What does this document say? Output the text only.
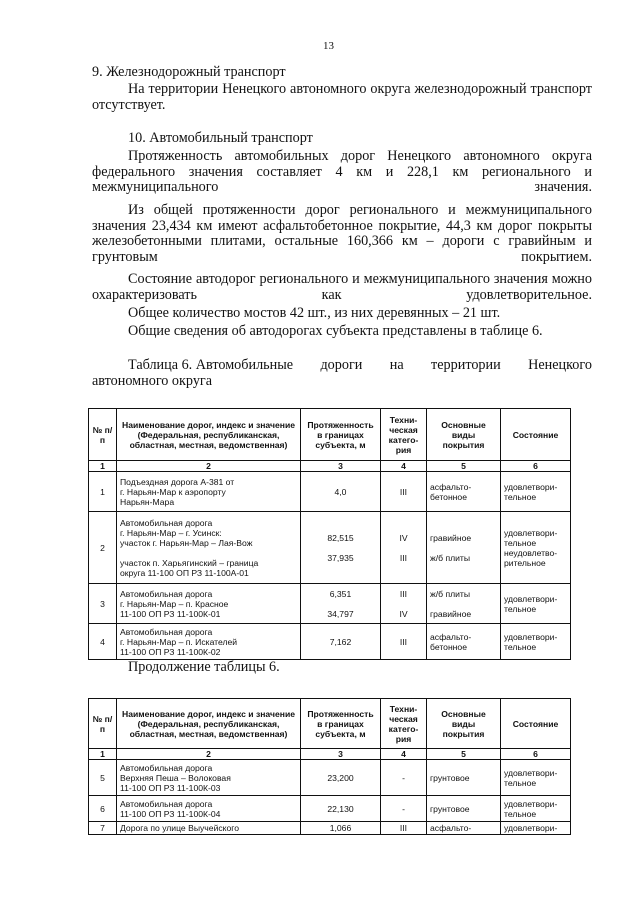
13

9. Железнодорожный транспорт

На территории Ненецкого автономного округа железнодорожный транспорт отсутствует.

10. Автомобильный транспорт

Протяженность автомобильных дорог Ненецкого автономного округа федерального значения составляет 4 км и 228,1 км регионального и межмуниципального значения.

Из общей протяженности дорог регионального и межмуниципального значения 23,434 км имеют асфальтобетонное покрытие, 44,3 км дорог покрыты железобетонными плитами, остальные 160,366 км – дороги с гравийным и грунтовым покрытием.

Состояние автодорог регионального и межмуниципального значения можно охарактеризовать как удовлетворительное.

Общее количество мостов 42 шт., из них деревянных – 21 шт.

Общие сведения об автодорогах субъекта представлены в таблице 6.

Таблица 6. Автомобильные дороги на территории Ненецкого
автономного округа
№ п/п	Наименование дорог, индекс и значение (Федеральная, республиканская, областная, местная, ведомственная)	Протяженность в границах субъекта, м	Техни- ческая катего- рия	Основные виды покрытия	Состояние
1	2	3	4	5	6
1	Подъездная дорога А-381 от
г. Нарьян-Мар к аэропорту
Нарьян-Мара	4,0	III	асфальто-
бетонное	удовлетвори-
тельное

2	Автомобильная дорога
г. Нарьян-Мар – г. Усинск:
участок г. Нарьян-Мар – Лая-Вож
участок п. Харьягинский – граница
округа 11-100 ОП РЗ 11-100А-01	82,515
37,935	IV
III	гравийное
ж/б плиты	удовлетвори-
тельное
неудовлетво-
рительное

3	Автомобильная дорога
г. Нарьян-Мар – п. Красное
11-100 ОП РЗ 11-100К-01	6,351
34,797	III
IV	ж/б плиты
гравийное	удовлетвори-
тельное

4	Автомобильная дорога
г. Нарьян-Мар – п. Искателей
11-100 ОП РЗ 11-100К-02	7,162	III	асфальто-
бетонное	удовлетвори-
тельное

Продолжение таблицы 6.

№ п/п	Наименование дорог, индекс и значение (Федеральная, республиканская, областная, местная, ведомственная)	Протяженность в границах субъекта, м	Техни- ческая катего- рия	Основные виды покрытия	Состояние
1	2	3	4	5	6
5	Автомобильная дорога
Верхняя Пеша – Волоковая
11-100 ОП РЗ 11-100К-03	23,200	-	грунтовое	удовлетвори-
тельное

6	Автомобильная дорога
11-100 ОП РЗ 11-100К-04	22,130	-	грунтовое	удовлетвори-
тельное

7	Дорога по улице Выучейского	1,066	III	асфальто-	удовлетвори-
